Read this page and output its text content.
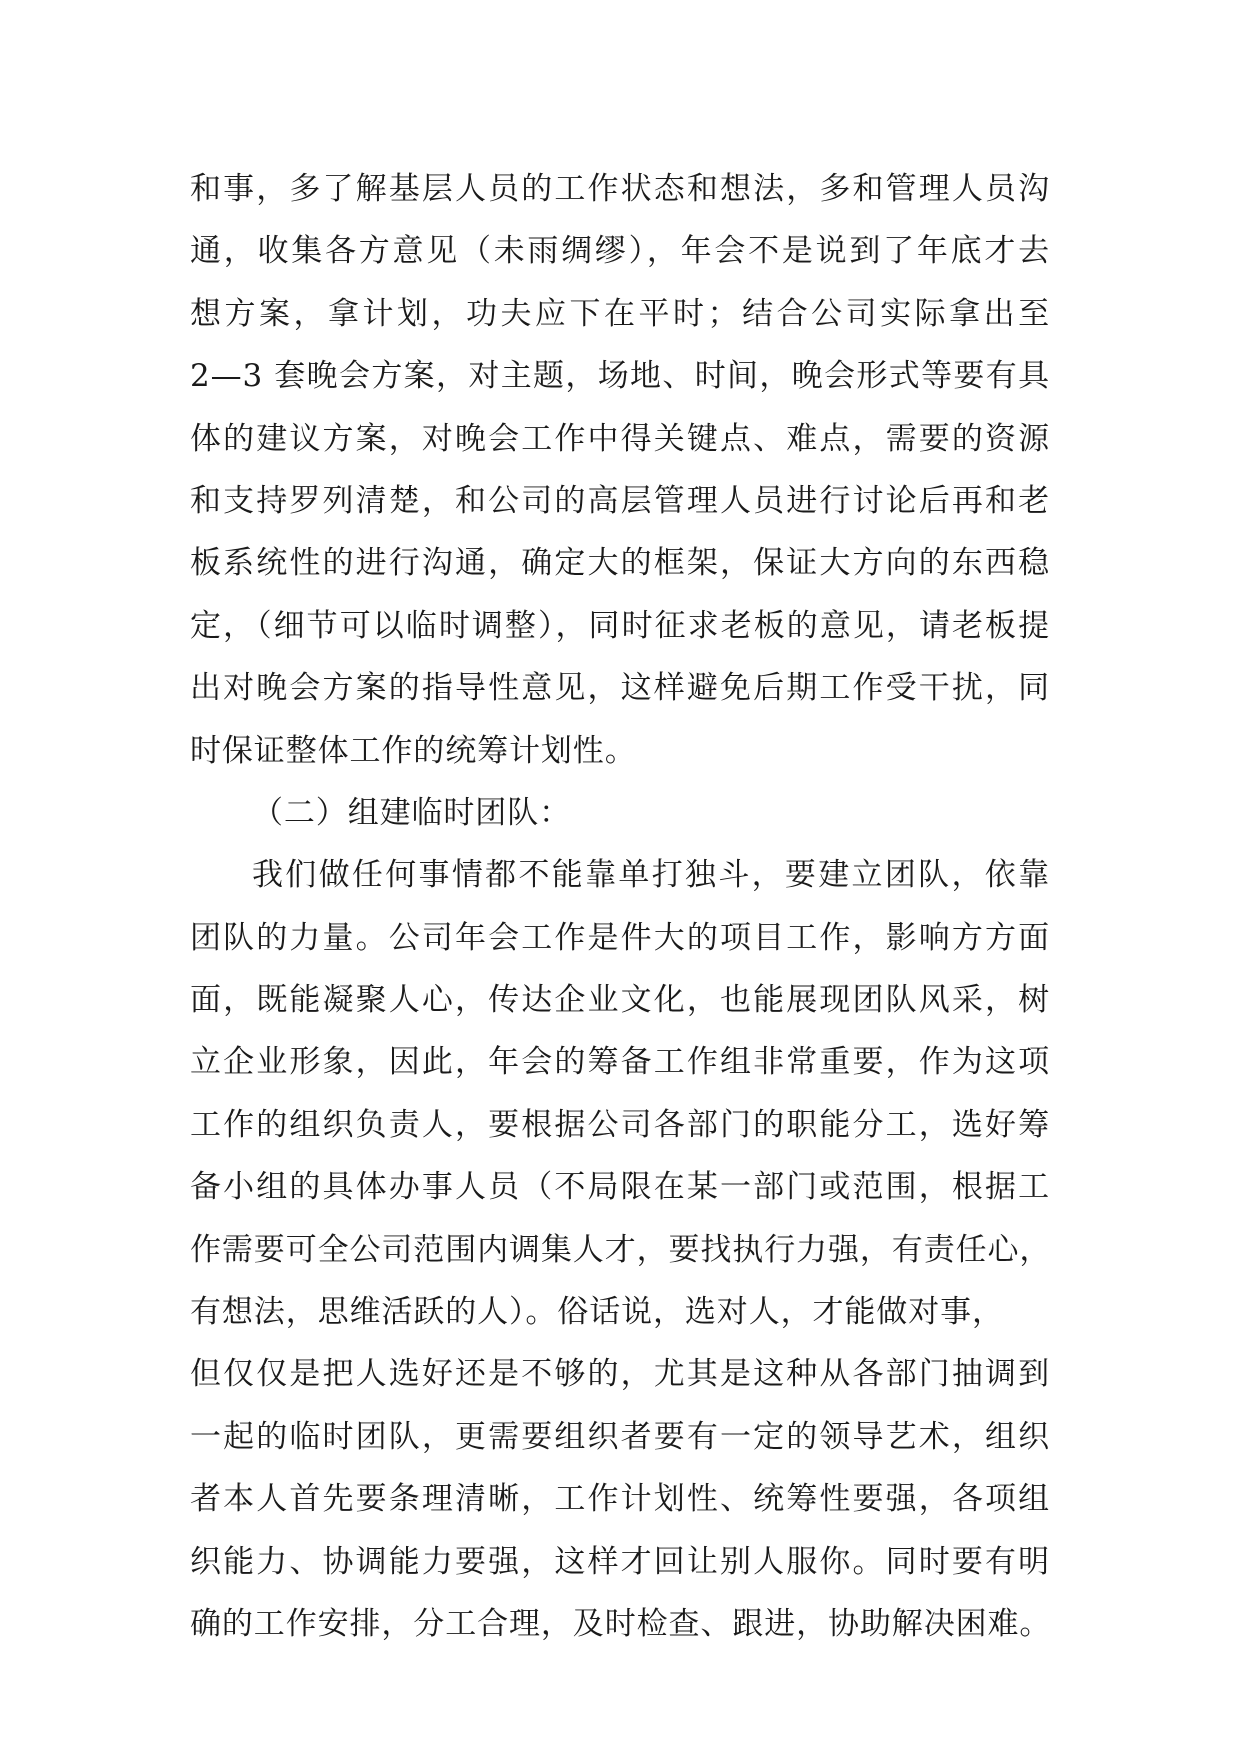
和事，多了解基层人员的工作状态和想法，多和管理人员沟
通，收集各方意见（未雨绸缪），年会不是说到了年底才去
想方案，拿计划，功夫应下在平时；结合公司实际拿出至
2—3 套晚会方案，对主题，场地、时间，晚会形式等要有具
体的建议方案，对晚会工作中得关键点、难点，需要的资源
和支持罗列清楚，和公司的高层管理人员进行讨论后再和老
板系统性的进行沟通，确定大的框架，保证大方向的东西稳
定，（细节可以临时调整），同时征求老板的意见，请老板提
出对晚会方案的指导性意见，这样避免后期工作受干扰，同
时保证整体工作的统筹计划性。
（二）组建临时团队：
我们做任何事情都不能靠单打独斗，要建立团队，依靠
团队的力量。公司年会工作是件大的项目工作，影响方方面
面，既能凝聚人心，传达企业文化，也能展现团队风采，树
立企业形象，因此，年会的筹备工作组非常重要，作为这项
工作的组织负责人，要根据公司各部门的职能分工，选好筹
备小组的具体办事人员（不局限在某一部门或范围，根据工
作需要可全公司范围内调集人才，要找执行力强，有责任心，
有想法，思维活跃的人）。俗话说，选对人，才能做对事，
但仅仅是把人选好还是不够的，尤其是这种从各部门抽调到
一起的临时团队，更需要组织者要有一定的领导艺术，组织
者本人首先要条理清晰，工作计划性、统筹性要强，各项组
织能力、协调能力要强，这样才回让别人服你。同时要有明
确的工作安排，分工合理，及时检查、跟进，协助解决困难。
